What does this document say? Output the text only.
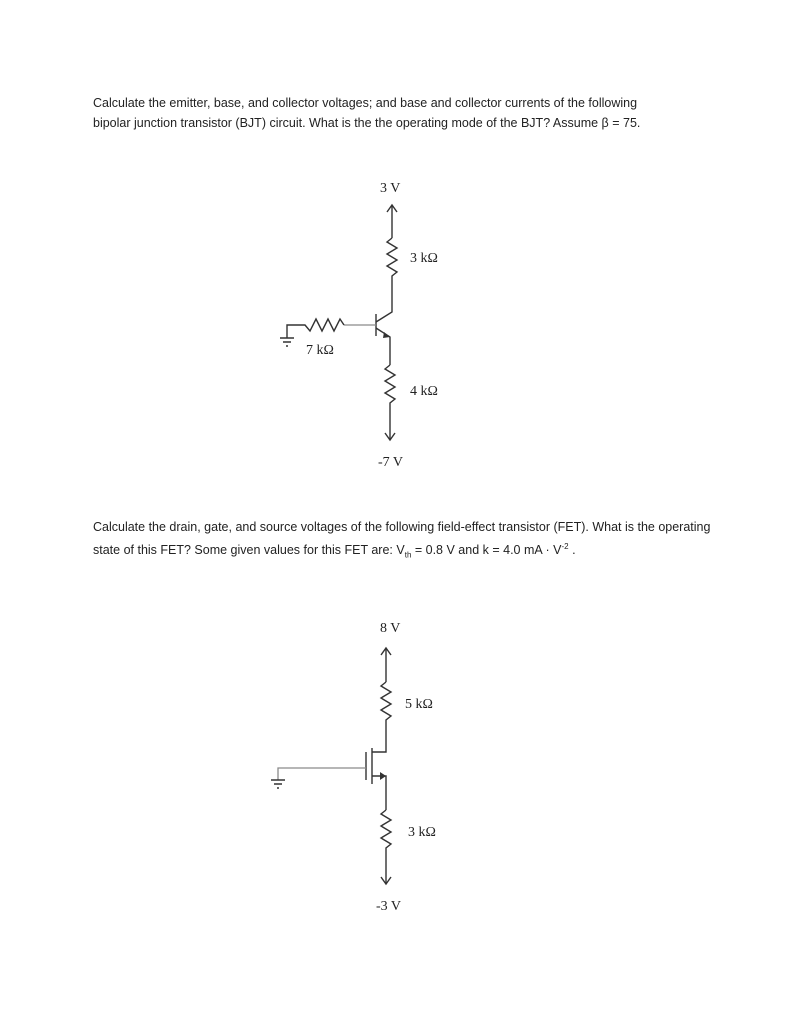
Calculate the emitter, base, and collector voltages; and base and collector currents of the following
bipolar junction transistor (BJT) circuit. What is the the operating mode of the BJT? Assume β = 75.

3 V
3 kΩ
7 kΩ
4 kΩ
-7 V

Calculate the drain, gate, and source voltages of the following field-effect transistor (FET). What is the operating state of this FET? Some given values for this FET are: $V_{th} = 0.8$ V and k = 4.0 mA · $V^{-2}$ .

8 V
5 kΩ
3 kΩ
-3 V
